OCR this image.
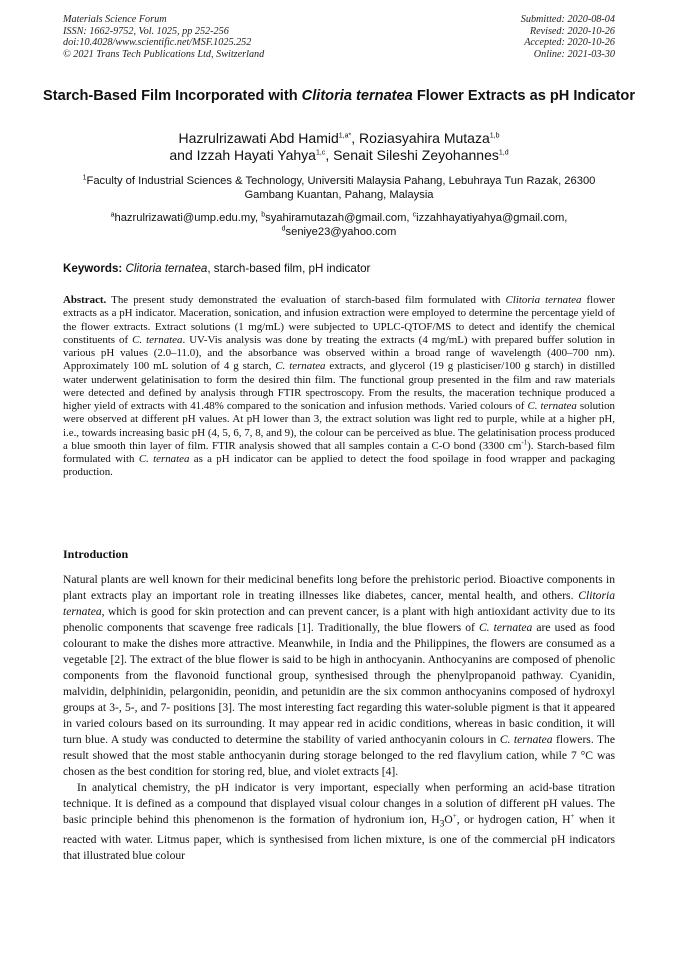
Materials Science Forum
ISSN: 1662-9752, Vol. 1025, pp 252-256
doi:10.4028/www.scientific.net/MSF.1025.252
© 2021 Trans Tech Publications Ltd, Switzerland
Submitted: 2020-08-04
Revised: 2020-10-26
Accepted: 2020-10-26
Online: 2021-03-30
Starch-Based Film Incorporated with Clitoria ternatea Flower Extracts as pH Indicator
Hazrulrizawati Abd Hamid$^{1,a*}$, Roziasyahira Mutaza$^{1,b}$
and Izzah Hayati Yahya$^{1,c}$, Senait Sileshi Zeyohannes$^{1,d}$
$^1$Faculty of Industrial Sciences & Technology, Universiti Malaysia Pahang, Lebuhraya Tun Razak, 26300 Gambang Kuantan, Pahang, Malaysia
$^a$hazrulrizawati@ump.edu.my, $^b$syahiramutazah@gmail.com, $^c$izzahhayatiyahya@gmail.com,
$^d$seniye23@yahoo.com
Keywords: Clitoria ternatea, starch-based film, pH indicator
Abstract. The present study demonstrated the evaluation of starch-based film formulated with Clitoria ternatea flower extracts as a pH indicator. Maceration, sonication, and infusion extraction were employed to determine the percentage yield of the flower extracts. Extract solutions (1 mg/mL) were subjected to UPLC-QTOF/MS to detect and identify the chemical constituents of C. ternatea. UV-Vis analysis was done by treating the extracts (4 mg/mL) with prepared buffer solution in various pH values (2.0–11.0), and the absorbance was observed within a broad range of wavelength (400–700 nm). Approximately 100 mL solution of 4 g starch, C. ternatea extracts, and glycerol (19 g plasticiser/100 g starch) in distilled water underwent gelatinisation to form the desired thin film. The functional group presented in the film and raw materials were detected and defined by analysis through FTIR spectroscopy. From the results, the maceration technique produced a higher yield of extracts with 41.48% compared to the sonication and infusion methods. Varied colours of C. ternatea solution were observed at different pH values. At pH lower than 3, the extract solution was light red to purple, while at a higher pH, i.e., towards increasing basic pH (4, 5, 6, 7, 8, and 9), the colour can be perceived as blue. The gelatinisation process produced a blue smooth thin layer of film. FTIR analysis showed that all samples contain a C-O bond (3300 $cm^{-1}$). Starch-based film formulated with C. ternatea as a pH indicator can be applied to detect the food spoilage in food wrapper and packaging production.
Introduction

Natural plants are well known for their medicinal benefits long before the prehistoric period. Bioactive components in plant extracts play an important role in treating illnesses like diabetes, cancer, mental health, and others. Clitoria ternatea, which is good for skin protection and can prevent cancer, is a plant with high antioxidant activity due to its phenolic components that scavenge free radicals [1]. Traditionally, the blue flowers of C. ternatea are used as food colourant to make the dishes more attractive. Meanwhile, in India and the Philippines, the flowers are consumed as a vegetable [2]. The extract of the blue flower is said to be high in anthocyanin. Anthocyanins are composed of phenolic components from the flavonoid functional group, synthesised through the phenylpropanoid pathway. Cyanidin, malvidin, delphinidin, pelargonidin, peonidin, and petunidin are the six common anthocyanins composed of hydroxyl groups at 3-, 5-, and 7- positions [3]. The most interesting fact regarding this water-soluble pigment is that it appeared in varied colours based on its surrounding. It may appear red in acidic conditions, whereas in basic condition, it will turn blue. A study was conducted to determine the stability of varied anthocyanin colours in C. ternatea flowers. The result showed that the most stable anthocyanin during storage belonged to the red flavylium cation, while 7 °C was chosen as the best condition for storing red, blue, and violet extracts [4].

In analytical chemistry, the pH indicator is very important, especially when performing an acid-base titration technique. It is defined as a compound that displayed visual colour changes in a solution of different pH values. The basic principle behind this phenomenon is the formation of hydronium ion, $H_3O^+$, or hydrogen cation, H+ when it reacted with water. Litmus paper, which is synthesised from lichen mixture, is one of the commercial pH indicators that illustrated blue colour
